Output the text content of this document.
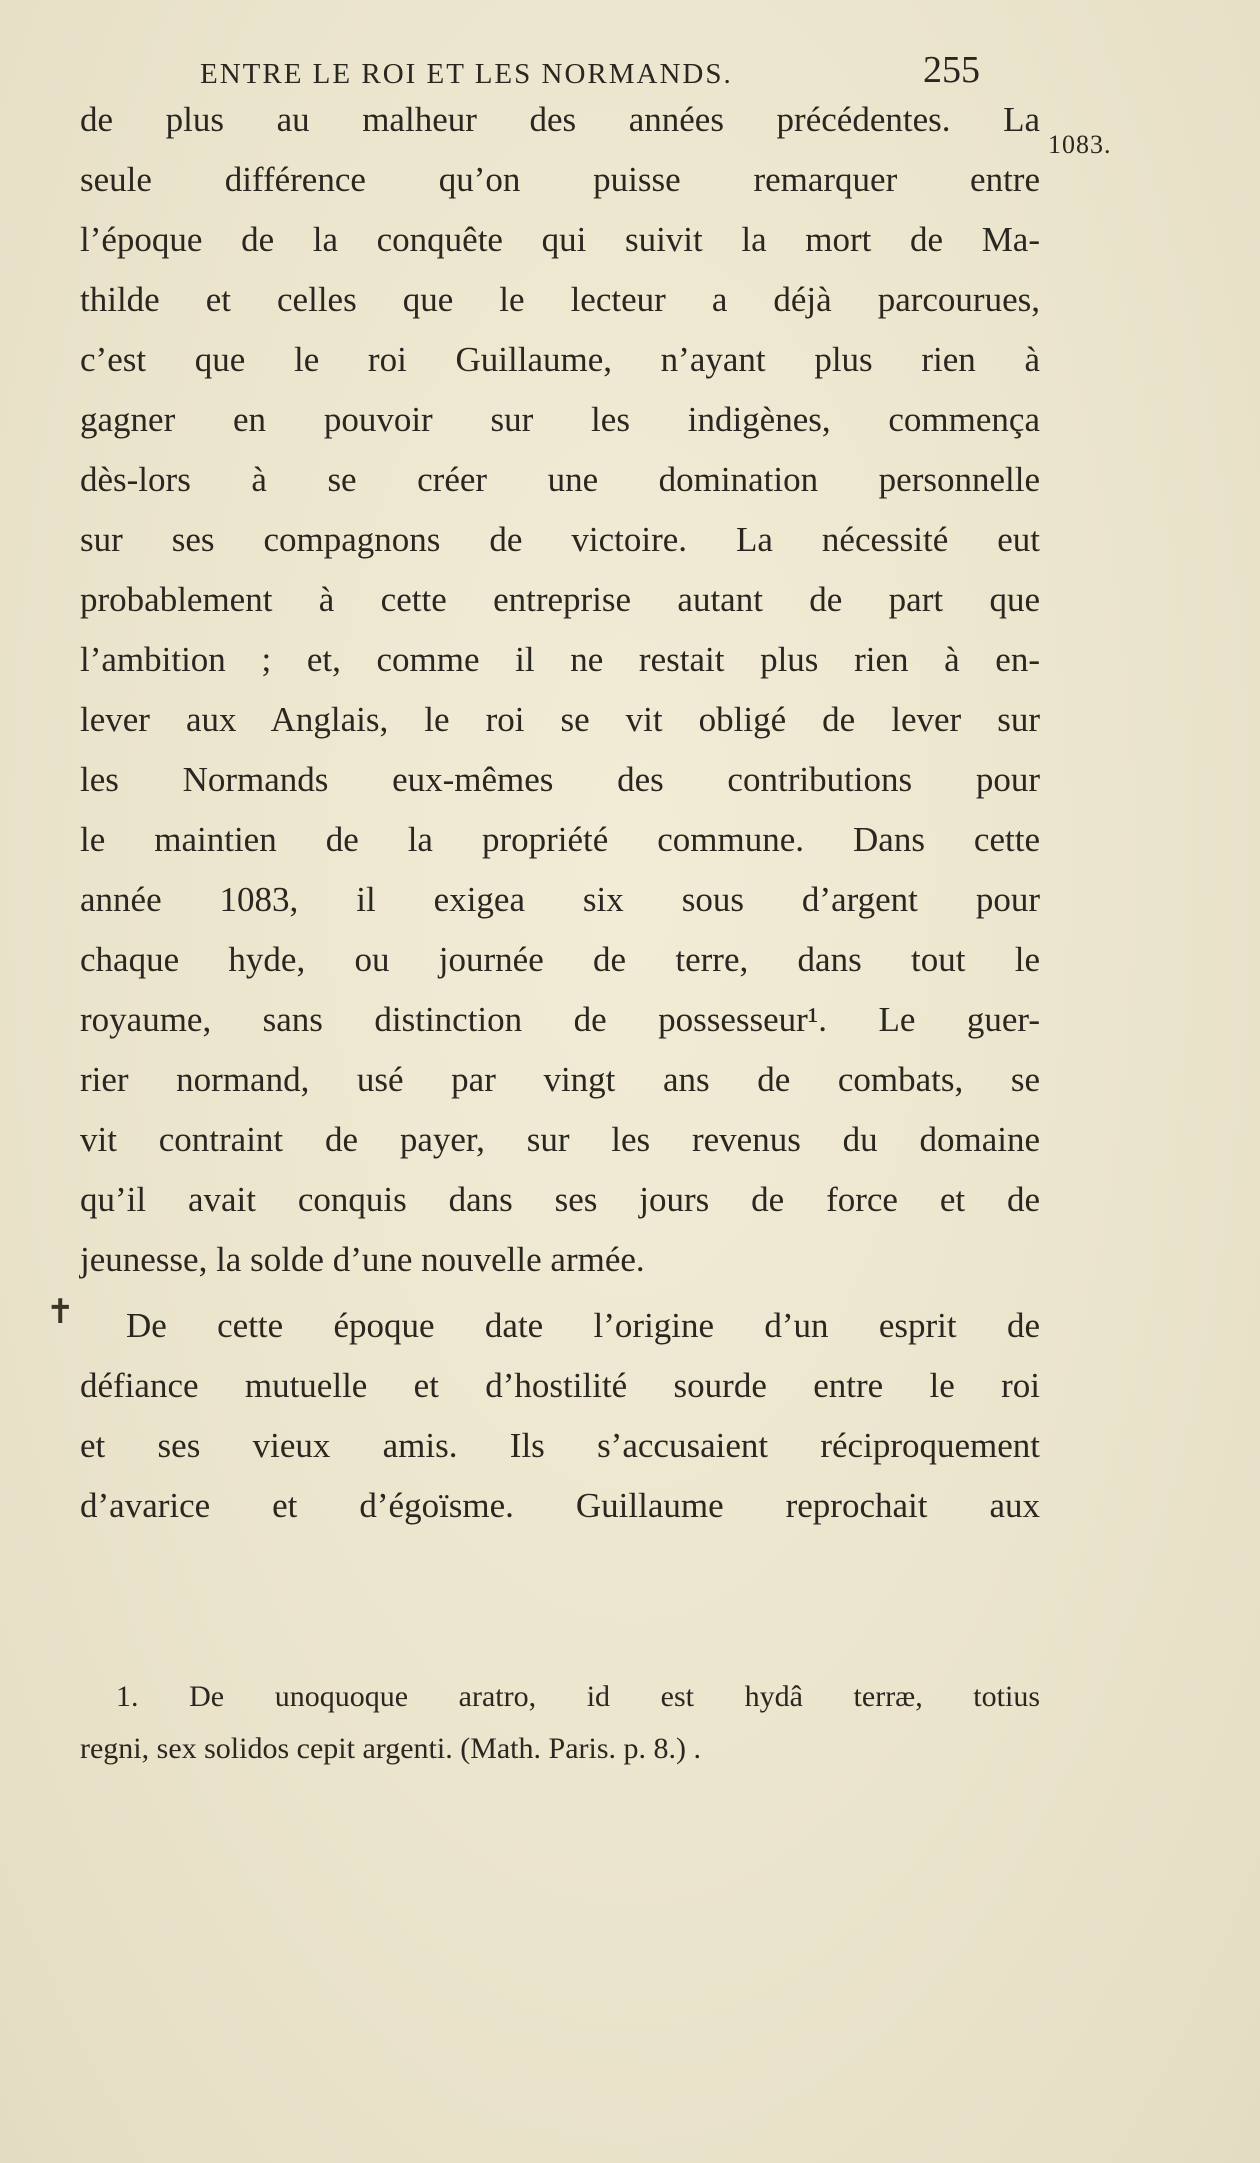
ENTRE LE ROI ET LES NORMANDS.	255
1083.
✝
de plus au malheur des années précédentes. La
seule différence qu’on puisse remarquer entre
l’époque de la conquête qui suivit la mort de Ma-
thilde et celles que le lecteur a déjà parcourues,
c’est que le roi Guillaume, n’ayant plus rien à
gagner en pouvoir sur les indigènes, commença
dès-lors à se créer une domination personnelle
sur ses compagnons de victoire. La nécessité eut
probablement à cette entreprise autant de part que
l’ambition ; et, comme il ne restait plus rien à en-
lever aux Anglais, le roi se vit obligé de lever sur
les Normands eux-mêmes des contributions pour
le maintien de la propriété commune. Dans cette
année 1083, il exigea six sous d’argent pour
chaque hyde, ou journée de terre, dans tout le
royaume, sans distinction de possesseur¹. Le guer-
rier normand, usé par vingt ans de combats, se
vit contraint de payer, sur les revenus du domaine
qu’il avait conquis dans ses jours de force et de
jeunesse, la solde d’une nouvelle armée.
De cette époque date l’origine d’un esprit de
défiance mutuelle et d’hostilité sourde entre le roi
et ses vieux amis. Ils s’accusaient réciproquement
d’avarice et d’égoïsme. Guillaume reprochait aux
1. De unoquoque aratro, id est hydâ terræ, totius
regni, sex solidos cepit argenti. (Math. Paris. p. 8.) .
